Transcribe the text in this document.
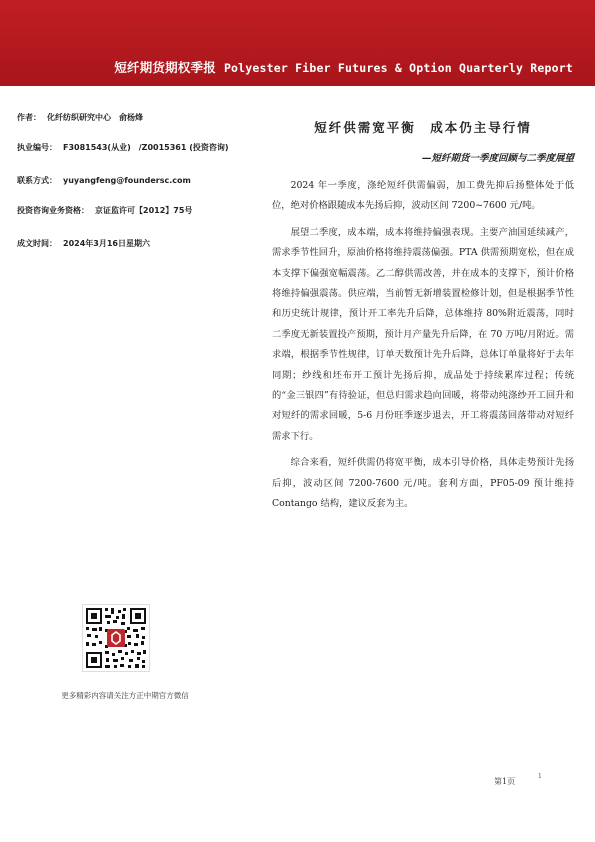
短纤期货期权季报 Polyester Fiber Futures & Option Quarterly Report
作者： 化纤纺织研究中心　俞杨烽
执业编号： F3081543(从业)　/Z0015361 (投资咨询)
联系方式： yuyangfeng@foundersc.com
投资咨询业务资格： 京证监许可【2012】75号
成文时间： 2024年3月16日星期六
短纤供需宽平衡　成本仍主导行情
—短纤期货一季度回顾与二季度展望

2024 年一季度，涤纶短纤供需偏弱，加工费先抑后扬整体处于低位，绝对价格跟随成本先扬后抑，波动区间 7200~7600 元/吨。

展望二季度，成本端，成本将维持偏强表现。主要产油国延续减产，需求季节性回升，原油价格将维持震荡偏强。PTA 供需预期宽松，但在成本支撑下偏强宽幅震荡。乙二醇供需改善，并在成本的支撑下，预计价格将维持偏强震荡。供应端，当前暂无新增装置检修计划，但是根据季节性和历史统计规律，预计开工率先升后降，总体维持 80%附近震荡，同时二季度无新装置投产预期，预计月产量先升后降，在 70 万吨/月附近。需求端，根据季节性规律，订单天数预计先升后降，总体订单量将好于去年同期；纱线和坯布开工预计先扬后抑，成品处于持续累库过程；传统的“金三银四”有待验证，但总归需求趋向回暖，将带动纯涤纱开工回升和对短纤的需求回暖，5-6 月份旺季逐步退去，开工将震荡回落带动对短纤需求下行。

综合来看，短纤供需仍将宽平衡，成本引导价格，具体走势预计先扬后抑，波动区间 7200-7600 元/吨。套利方面，PF05-09 预计维持 Contango 结构，建议反套为主。

更多精彩内容请关注方正中期官方微信
第1页
1
